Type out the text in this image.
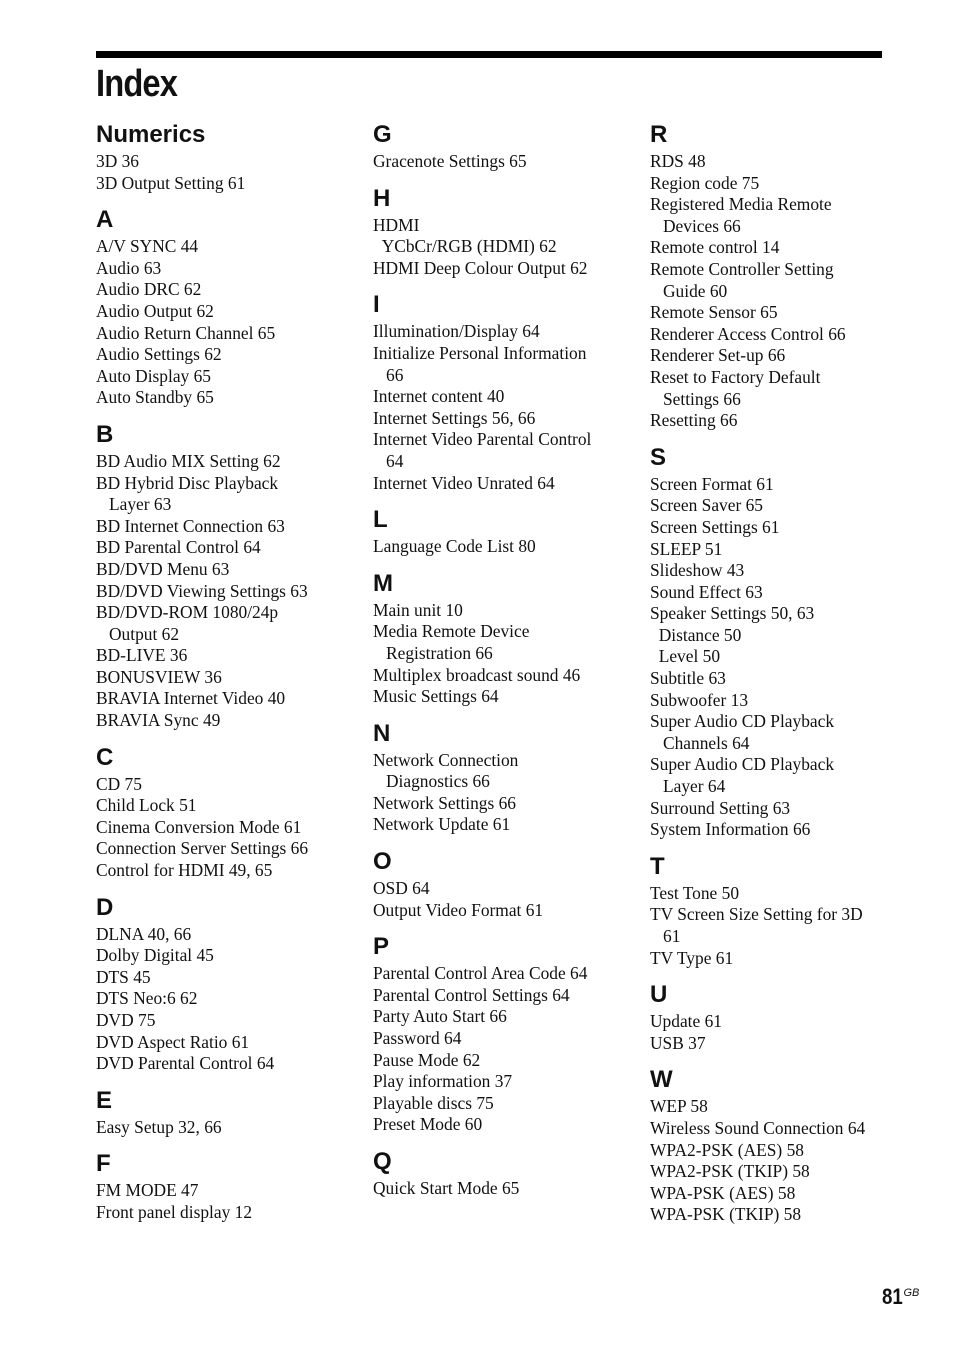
Index
Numerics
3D 36
3D Output Setting 61
A
A/V SYNC 44
Audio 63
Audio DRC 62
Audio Output 62
Audio Return Channel 65
Audio Settings 62
Auto Display 65
Auto Standby 65
B
BD Audio MIX Setting 62
BD Hybrid Disc Playback
Layer 63
BD Internet Connection 63
BD Parental Control 64
BD/DVD Menu 63
BD/DVD Viewing Settings 63
BD/DVD-ROM 1080/24p
Output 62
BD-LIVE 36
BONUSVIEW 36
BRAVIA Internet Video 40
BRAVIA Sync 49
C
CD 75
Child Lock 51
Cinema Conversion Mode 61
Connection Server Settings 66
Control for HDMI 49, 65
D
DLNA 40, 66
Dolby Digital 45
DTS 45
DTS Neo:6 62
DVD 75
DVD Aspect Ratio 61
DVD Parental Control 64
E
Easy Setup 32, 66
F
FM MODE 47
Front panel display 12
G
Gracenote Settings 65
H
HDMI
YCbCr/RGB (HDMI) 62
HDMI Deep Colour Output 62
I
Illumination/Display 64
Initialize Personal Information
66
Internet content 40
Internet Settings 56, 66
Internet Video Parental Control
64
Internet Video Unrated 64
L
Language Code List 80
M
Main unit 10
Media Remote Device
Registration 66
Multiplex broadcast sound 46
Music Settings 64
N
Network Connection
Diagnostics 66
Network Settings 66
Network Update 61
O
OSD 64
Output Video Format 61
P
Parental Control Area Code 64
Parental Control Settings 64
Party Auto Start 66
Password 64
Pause Mode 62
Play information 37
Playable discs 75
Preset Mode 60
Q
Quick Start Mode 65
R
RDS 48
Region code 75
Registered Media Remote
Devices 66
Remote control 14
Remote Controller Setting
Guide 60
Remote Sensor 65
Renderer Access Control 66
Renderer Set-up 66
Reset to Factory Default
Settings 66
Resetting 66
S
Screen Format 61
Screen Saver 65
Screen Settings 61
SLEEP 51
Slideshow 43
Sound Effect 63
Speaker Settings 50, 63
Distance 50
Level 50
Subtitle 63
Subwoofer 13
Super Audio CD Playback
Channels 64
Super Audio CD Playback
Layer 64
Surround Setting 63
System Information 66
T
Test Tone 50
TV Screen Size Setting for 3D
61
TV Type 61
U
Update 61
USB 37
W
WEP 58
Wireless Sound Connection 64
WPA2-PSK (AES) 58
WPA2-PSK (TKIP) 58
WPA-PSK (AES) 58
WPA-PSK (TKIP) 58
$81^{GB}$
